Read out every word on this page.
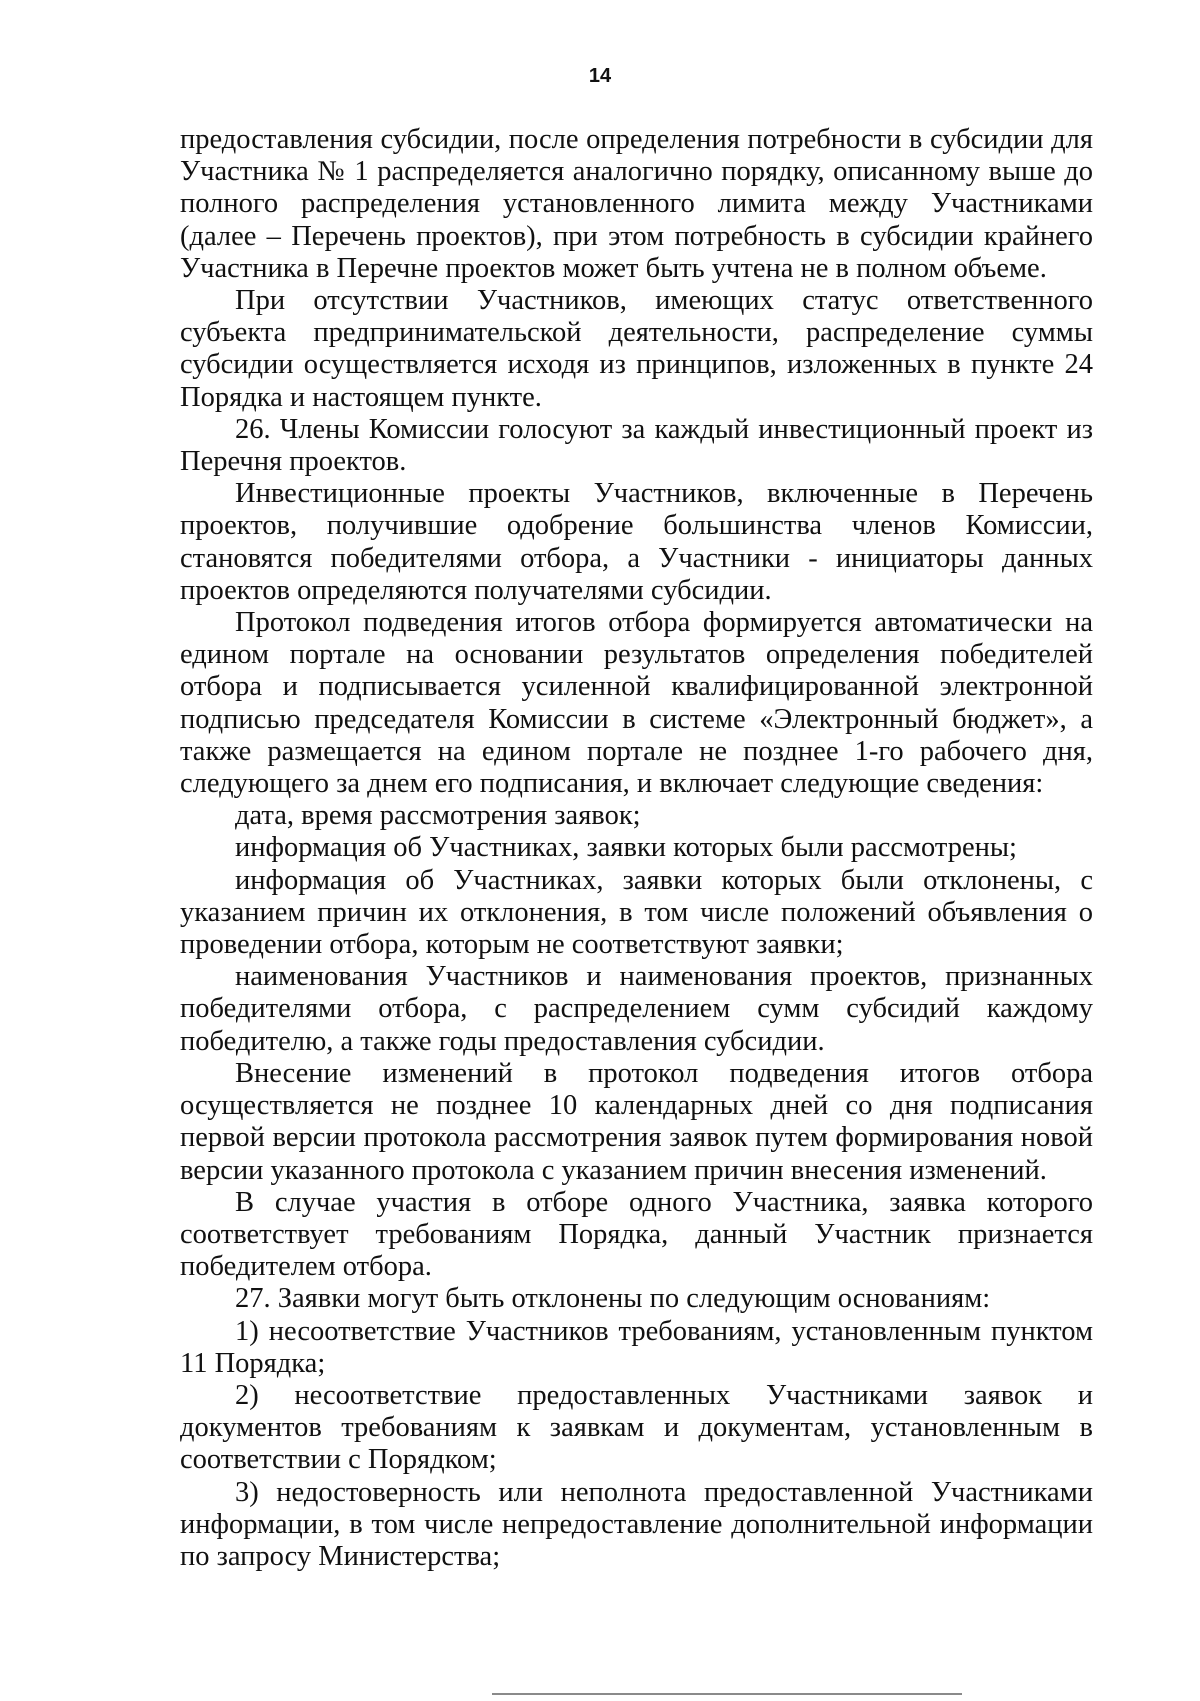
14

предоставления субсидии, после определения потребности в субсидии для Участника № 1 распределяется аналогично порядку, описанному выше до полного распределения установленного лимита между Участниками (далее – Перечень проектов), при этом потребность в субсидии крайнего Участника в Перечне проектов может быть учтена не в полном объеме.

При отсутствии Участников, имеющих статус ответственного субъекта предпринимательской деятельности, распределение суммы субсидии осуществляется исходя из принципов, изложенных в пункте 24 Порядка и настоящем пункте.

26. Члены Комиссии голосуют за каждый инвестиционный проект из Перечня проектов.

Инвестиционные проекты Участников, включенные в Перечень проектов, получившие одобрение большинства членов Комиссии, становятся победителями отбора, а Участники - инициаторы данных проектов определяются получателями субсидии.

Протокол подведения итогов отбора формируется автоматически на едином портале на основании результатов определения победителей отбора и подписывается усиленной квалифицированной электронной подписью председателя Комиссии в системе «Электронный бюджет», а также размещается на едином портале не позднее 1-го рабочего дня, следующего за днем его подписания, и включает следующие сведения:

дата, время рассмотрения заявок;

информация об Участниках, заявки которых были рассмотрены;

информация об Участниках, заявки которых были отклонены, с указанием причин их отклонения, в том числе положений объявления о проведении отбора, которым не соответствуют заявки;

наименования Участников и наименования проектов, признанных победителями отбора, с распределением сумм субсидий каждому победителю, а также годы предоставления субсидии.

Внесение изменений в протокол подведения итогов отбора осуществляется не позднее 10 календарных дней со дня подписания первой версии протокола рассмотрения заявок путем формирования новой версии указанного протокола с указанием причин внесения изменений.

В случае участия в отборе одного Участника, заявка которого соответствует требованиям Порядка, данный Участник признается победителем отбора.

27. Заявки могут быть отклонены по следующим основаниям:

1) несоответствие Участников требованиям, установленным пунктом 11 Порядка;

2) несоответствие предоставленных Участниками заявок и документов требованиям к заявкам и документам, установленным в соответствии с Порядком;

3) недостоверность или неполнота предоставленной Участниками информации, в том числе непредоставление дополнительной информации по запросу Министерства;
